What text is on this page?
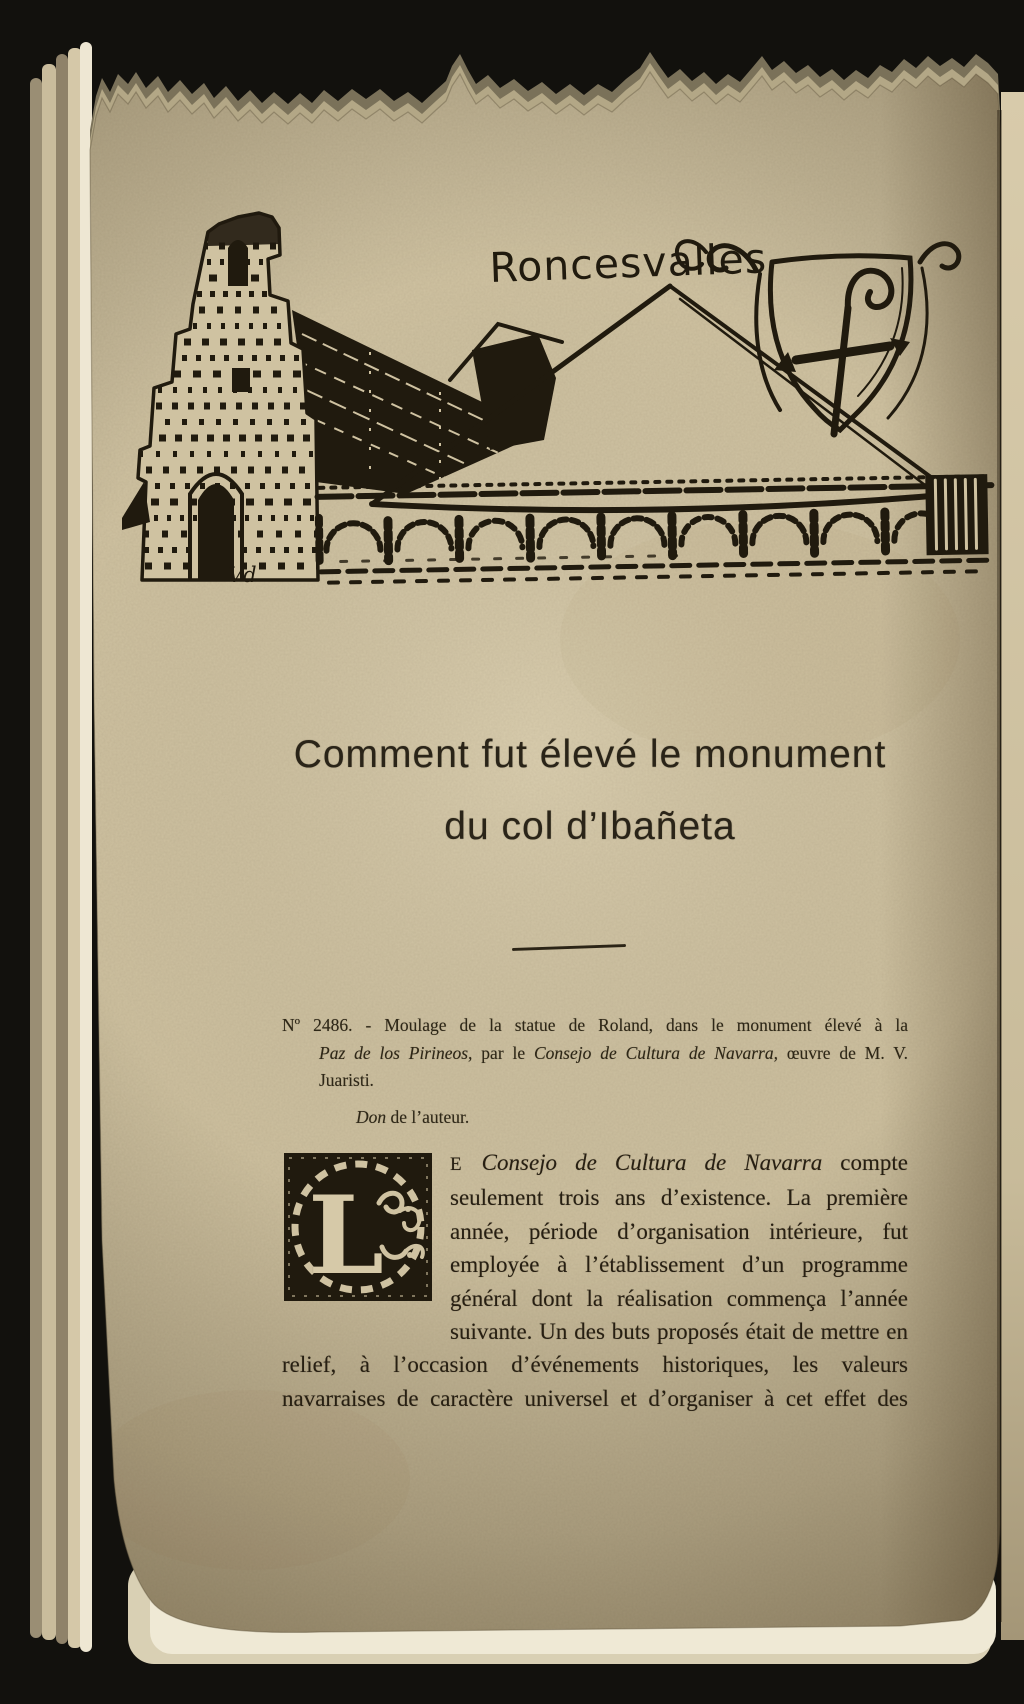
Roncesvalles
Vd
Comment fut élevé le monument
du col d’Ibañeta
Nº 2486. - Moulage de la statue de Roland, dans le monument élevé à la
Paz de los Pirineos, par le Consejo de Cultura de Navarra, œuvre de M. V.
Juaristi.
Don de l’auteur.
L
E Consejo de Cultura de Navarra compte seulement trois ans d’existence. La première année, période d’organisation intérieure, fut employée à l’établissement d’un programme général dont la réalisation commença l’année suivante. Un des buts proposés était de mettre en relief, à l’occasion d’événements historiques, les valeurs navarraises de caractère universel et d’organiser à cet effet des
